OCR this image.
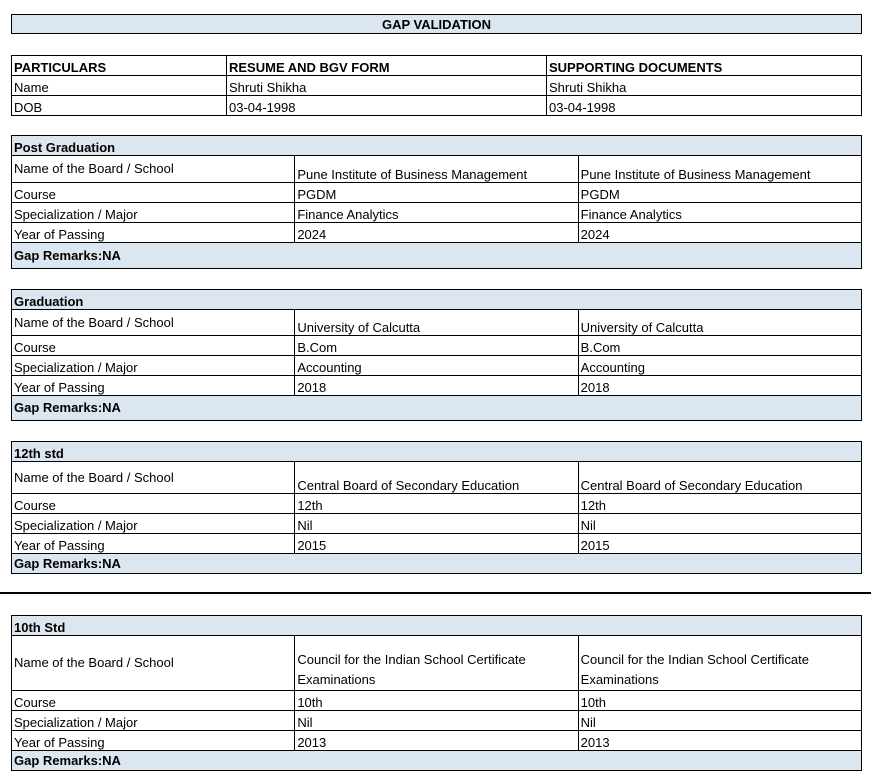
GAP VALIDATION
PARTICULARS	RESUME AND BGV FORM	SUPPORTING DOCUMENTS
Name	Shruti Shikha	Shruti Shikha
DOB	03-04-1998	03-04-1998
Post Graduation		
Name of the Board / School	Pune Institute of Business Management	Pune Institute of Business Management
Course	PGDM	PGDM
Specialization / Major	Finance Analytics	Finance Analytics
Year of Passing	2024	2024
Gap Remarks:NA		
Graduation		
Name of the Board / School	University of Calcutta	University of Calcutta
Course	B.Com	B.Com
Specialization / Major	Accounting	Accounting
Year of Passing	2018	2018
Gap Remarks:NA		
12th std		
Name of the Board / School	Central Board of Secondary Education	Central Board of Secondary Education
Course	12th	12th
Specialization / Major	Nil	Nil
Year of Passing	2015	2015
Gap Remarks:NA		
10th Std		
Name of the Board / School	Council for the Indian School Certificate Examinations	Council for the Indian School Certificate Examinations
Course	10th	10th
Specialization / Major	Nil	Nil
Year of Passing	2013	2013
Gap Remarks:NA		
